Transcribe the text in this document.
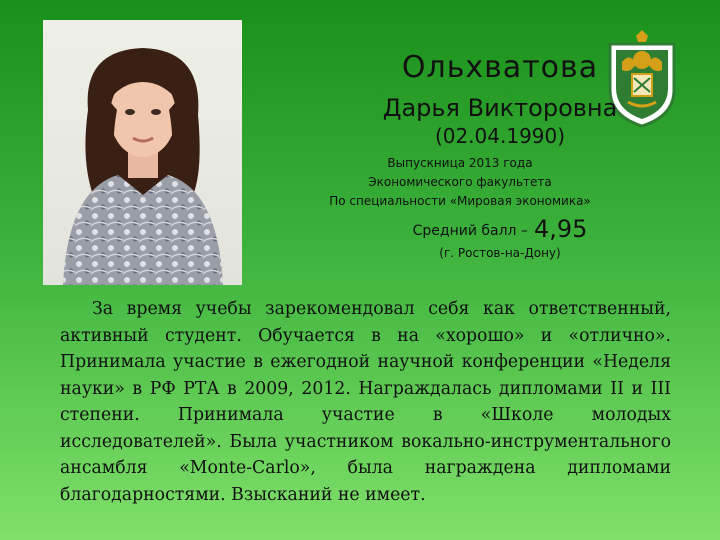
Ольхватова
Дарья Викторовна
(02.04.1990)
Выпускница 2013 года
Экономического факультета
По специальности «Мировая экономика»
Средний балл – 4,95
(г. Ростов-на-Дону)

За время учебы зарекомендовал себя как ответственный, активный студент. Обучается в на «хорошо» и «отлично». Принимала участие в ежегодной научной конференции «Неделя науки» в РФ РТА в 2009, 2012. Награждалась дипломами II и III степени. Принимала участие в «Школе молодых исследователей». Была участником вокально-инструментального ансамбля «Monte-Carlo», была награждена дипломами благодарностями. Взысканий не имеет.
